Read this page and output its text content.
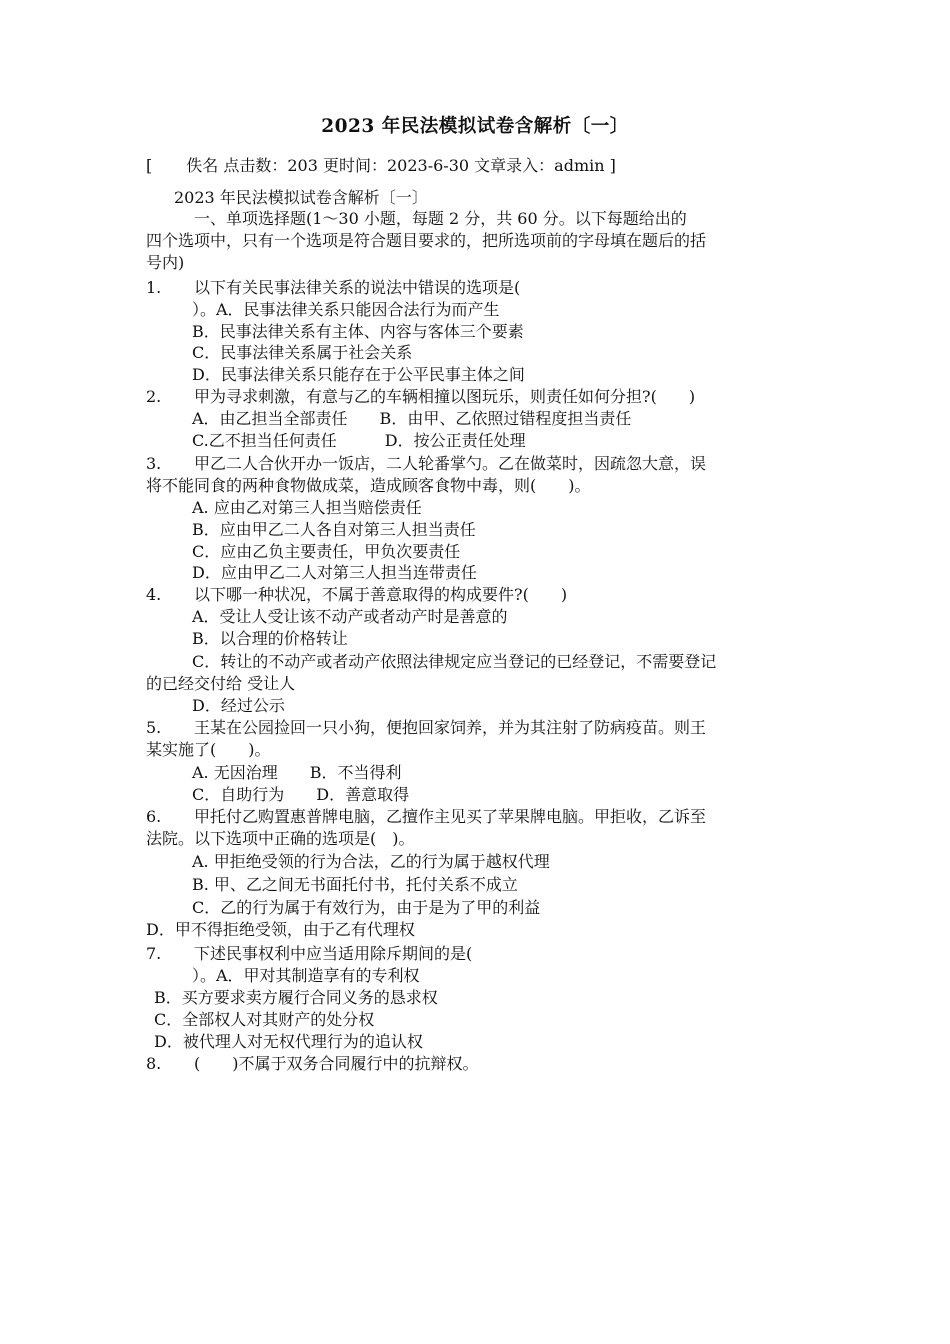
2023 年民法模拟试卷含解析〔一〕
[ 佚名 点击数：203 更时间：2023-6-30 文章录入：admin ]
2023 年民法模拟试卷含解析〔一〕
　　　一、单项选择题(1～30 小题，每题 2 分，共 60 分。以下每题给出的
四个选项中，只有一个选项是符合题目要求的，把所选项前的字母填在题后的括
号内)
1. 以下有关民事法律关系的说法中错误的选项是(
）。A．民事法律关系只能因合法行为而产生
B．民事法律关系有主体、内容与客体三个要素
C．民事法律关系属于社会关系
D．民事法律关系只能存在于公平民事主体之间
2. 甲为寻求刺激，有意与乙的车辆相撞以图玩乐，则责任如何分担?(　　)
A．由乙担当全部责任　　B．由甲、乙依照过错程度担当责任
C.乙不担当任何责任　　　D．按公正责任处理
3. 甲乙二人合伙开办一饭店，二人轮番掌勺。乙在做菜时，因疏忽大意，误
将不能同食的两种食物做成菜，造成顾客食物中毒，则(　　)。
A. 应由乙对第三人担当赔偿责任
B．应由甲乙二人各自对第三人担当责任
C．应由乙负主要责任，甲负次要责任
D．应由甲乙二人对第三人担当连带责任
4. 以下哪一种状况，不属于善意取得的构成要件?(　　)
A．受让人受让该不动产或者动产时是善意的
B．以合理的价格转让
C．转让的不动产或者动产依照法律规定应当登记的已经登记，不需要登记
的已经交付给 受让人
D．经过公示
5. 王某在公园捡回一只小狗，便抱回家饲养，并为其注射了防病疫苗。则王
某实施了(　　)。
A. 无因治理　　B．不当得利
C．自助行为　　D．善意取得
6. 甲托付乙购置惠普牌电脑，乙擅作主见买了苹果牌电脑。甲拒收，乙诉至
法院。以下选项中正确的选项是(　)。
A. 甲拒绝受领的行为合法，乙的行为属于越权代理
B. 甲、乙之间无书面托付书，托付关系不成立
C．乙的行为属于有效行为，由于是为了甲的利益
D．甲不得拒绝受领，由于乙有代理权
7. 下述民事权利中应当适用除斥期间的是(
）。A．甲对其制造享有的专利权
B．买方要求卖方履行合同义务的恳求权
C．全部权人对其财产的处分权
D．被代理人对无权代理行为的追认权
8. (　　)不属于双务合同履行中的抗辩权。
